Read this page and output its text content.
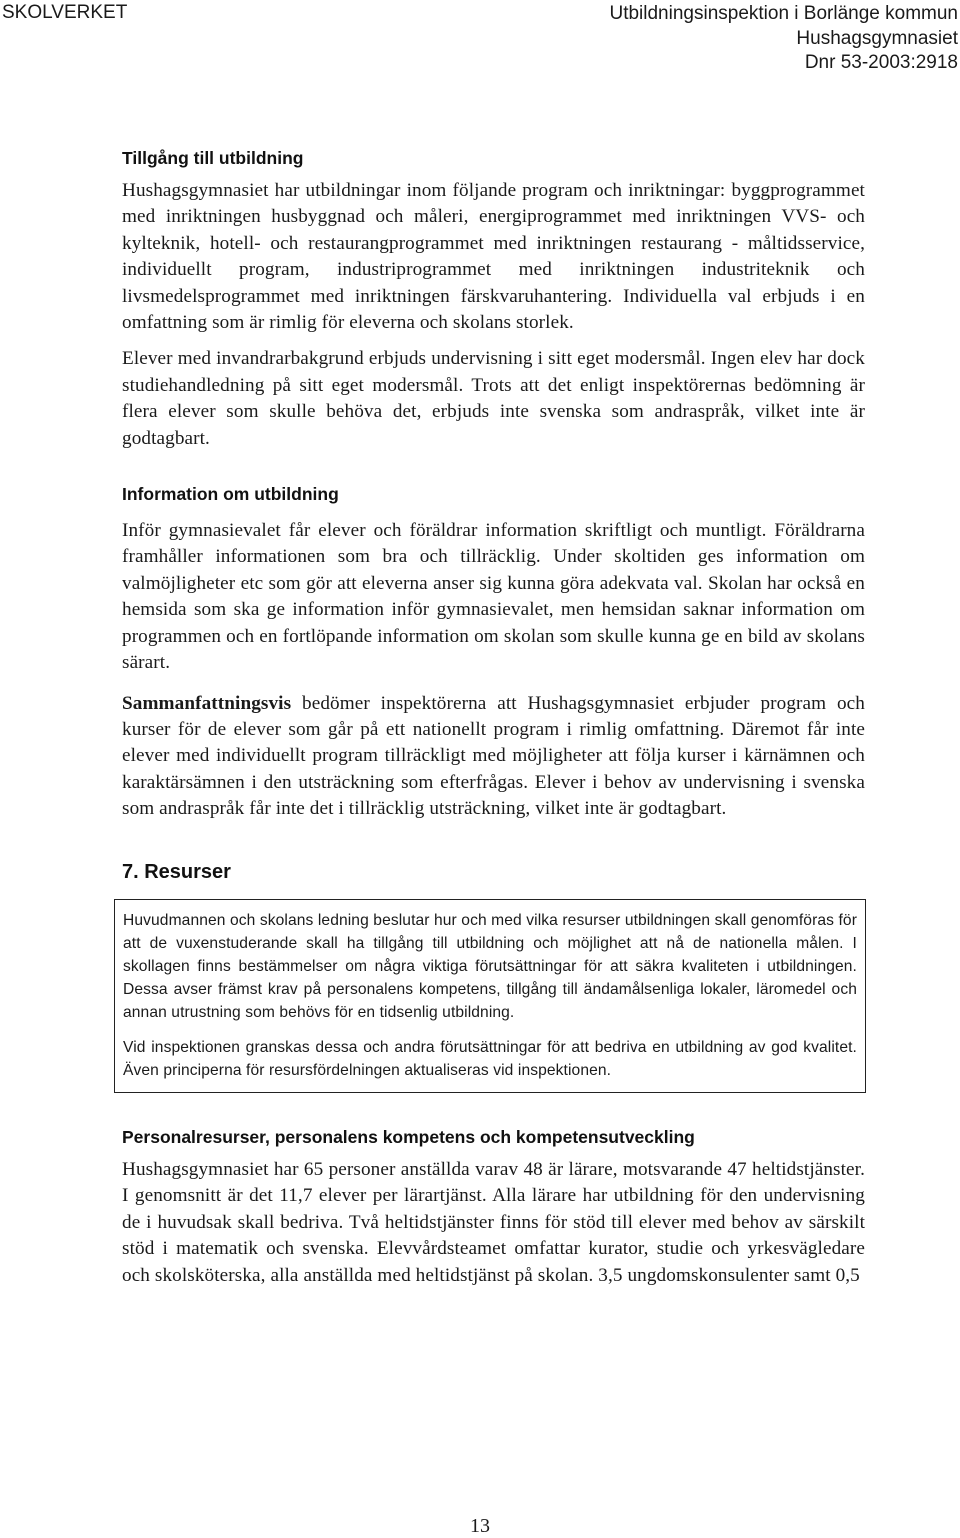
SKOLVERKET	Utbildningsinspektion i Borlänge kommun
Hushagsgymnasiet
Dnr 53-2003:2918
Tillgång till utbildning

Hushagsgymnasiet har utbildningar inom följande program och inriktningar: byggprogrammet med inriktningen husbyggnad och måleri, energiprogrammet med inriktningen VVS- och kylteknik, hotell- och restaurangprogrammet med inriktningen restaurang - måltidsservice, individuellt program, industriprogrammet med inriktningen industriteknik och livsmedelsprogrammet med inriktningen färskvaruhantering. Individuella val erbjuds i en omfattning som är rimlig för eleverna och skolans storlek.

Elever med invandrarbakgrund erbjuds undervisning i sitt eget modersmål. Ingen elev har dock studiehandledning på sitt eget modersmål. Trots att det enligt inspektörernas bedömning är flera elever som skulle behöva det, erbjuds inte svenska som andraspråk, vilket inte är godtagbart.

Information om utbildning

Inför gymnasievalet får elever och föräldrar information skriftligt och muntligt. Föräldrarna framhåller informationen som bra och tillräcklig. Under skoltiden ges information om valmöjligheter etc som gör att eleverna anser sig kunna göra adekvata val. Skolan har också en hemsida som ska ge information inför gymnasievalet, men hemsidan saknar information om programmen och en fortlöpande information om skolan som skulle kunna ge en bild av skolans särart.

Sammanfattningsvis bedömer inspektörerna att Hushagsgymnasiet erbjuder program och kurser för de elever som går på ett nationellt program i rimlig omfattning. Däremot får inte elever med individuellt program tillräckligt med möjligheter att följa kurser i kärnämnen och karaktärsämnen i den utsträckning som efterfrågas. Elever i behov av undervisning i svenska som andraspråk får inte det i tillräcklig utsträckning, vilket inte är godtagbart.

7. Resurser

Huvudmannen och skolans ledning beslutar hur och med vilka resurser utbildningen skall genomföras för att de vuxenstuderande skall ha tillgång till utbildning och möjlighet att nå de nationella målen. I skollagen finns bestämmelser om några viktiga förutsättningar för att säkra kvaliteten i utbildningen. Dessa avser främst krav på personalens kompetens, tillgång till ändamålsenliga lokaler, läromedel och annan utrustning som behövs för en tidsenlig utbildning.

Vid inspektionen granskas dessa och andra förutsättningar för att bedriva en utbildning av god kvalitet. Även principerna för resursfördelningen aktualiseras vid inspektionen.

Personalresurser, personalens kompetens och kompetensutveckling

Hushagsgymnasiet har 65 personer anställda varav 48 är lärare, motsvarande 47 heltidstjänster. I genomsnitt är det 11,7 elever per lärartjänst. Alla lärare har utbildning för den undervisning de i huvudsak skall bedriva. Två heltidstjänster finns för stöd till elever med behov av särskilt stöd i matematik och svenska. Elevvårdsteamet omfattar kurator, studie och yrkesvägledare och skolsköterska, alla anställda med heltidstjänst på skolan. 3,5 ungdomskonsulenter samt 0,5

13
